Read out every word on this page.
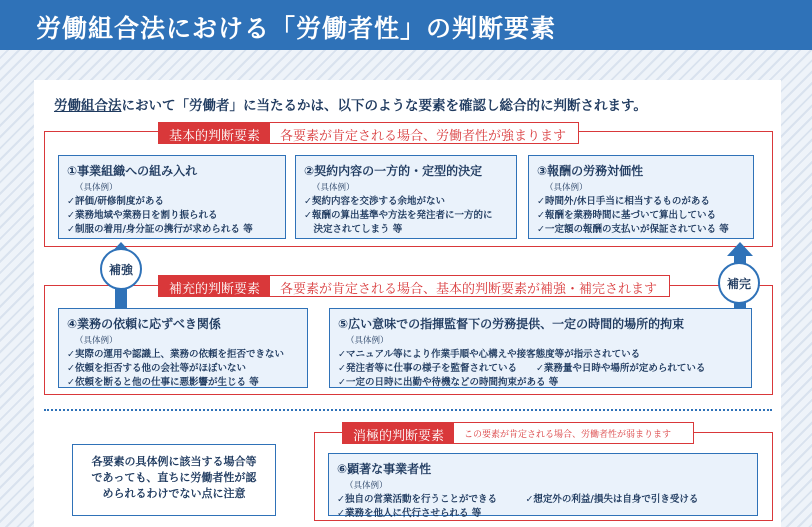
労働組合法における「労働者性」の判断要素
労働組合法において「労働者」に当たるかは、以下のような要素を確認し総合的に判断されます。
基本的判断要素	各要素が肯定される場合、労働者性が強まります
①事業組織への組み入れ
（具体例）
✓評価/研修制度がある
✓業務地域や業務日を割り振られる
✓制服の着用/身分証の携行が求められる 等
②契約内容の一方的・定型的決定
（具体例）
✓契約内容を交渉する余地がない
✓報酬の算出基準や方法を発注者に一方的に
　決定されてしまう 等
③報酬の労務対価性
（具体例）
✓時間外/休日手当に相当するものがある
✓報酬を業務時間に基づいて算出している
✓一定額の報酬の支払いが保証されている 等
補充的判断要素	各要素が肯定される場合、基本的判断要素が補強・補完されます
補強
補完
④業務の依頼に応ずべき関係
（具体例）
✓実際の運用や認識上、業務の依頼を拒否できない
✓依頼を拒否する他の会社等がほぼいない
✓依頼を断ると他の仕事に悪影響が生じる 等
⑤広い意味での指揮監督下の労務提供、一定の時間的場所的拘束
（具体例）
✓マニュアル等により作業手順や心構えや接客態度等が指示されている
✓発注者等に仕事の様子を監督されている　　✓業務量や日時や場所が定められている
✓一定の日時に出勤や待機などの時間拘束がある 等
消極的判断要素	この要素が肯定される場合、労働者性が弱まります
⑥顕著な事業者性
（具体例）
✓独自の営業活動を行うことができる　　　✓想定外の利益/損失は自身で引き受ける
✓業務を他人に代行させられる 等
各要素の具体例に該当する場合等
であっても、直ちに労働者性が認
められるわけでない点に注意
